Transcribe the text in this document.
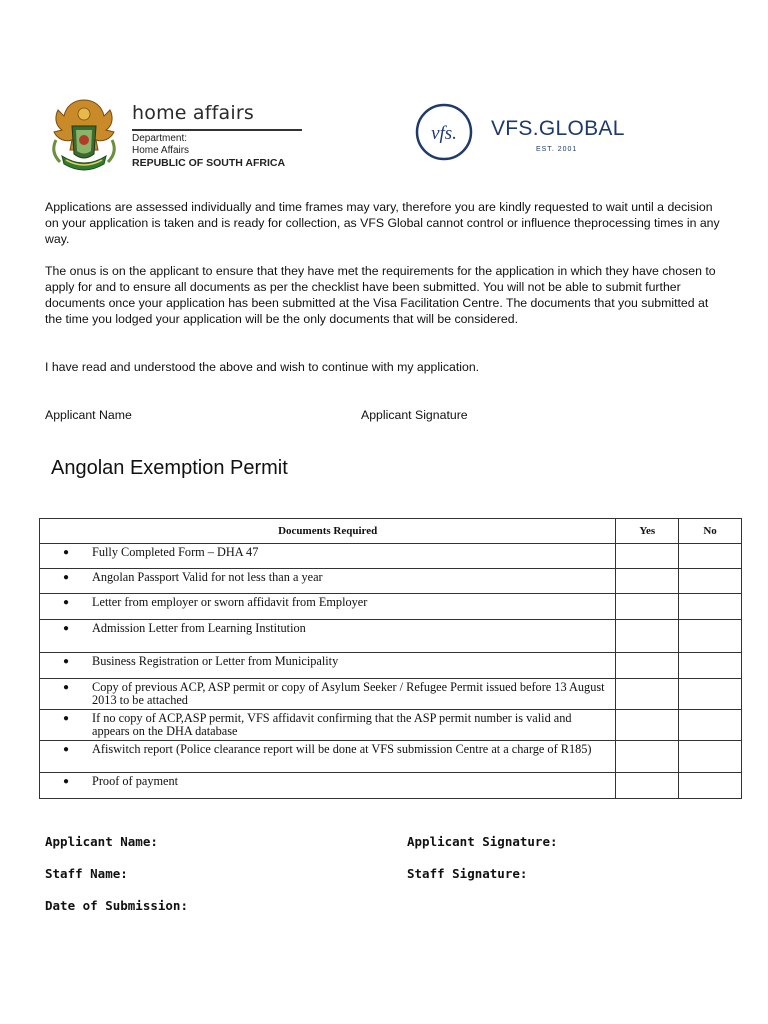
home affairs
Department:
Home Affairs
REPUBLIC OF SOUTH AFRICA
vfs. VFS.GLOBAL
EST. 2001
Applications are assessed individually and time frames may vary, therefore you are kindly requested to wait until a decision on your application is taken and is ready for collection, as VFS Global cannot control or influence theprocessing times in any way.
The onus is on the applicant to ensure that they have met the requirements for the application in which they have chosen to apply for and to ensure all documents as per the checklist have been submitted. You will not be able to submit further documents once your application has been submitted at the Visa Facilitation Centre. The documents that you submitted at the time you lodged your application will be the only documents that will be considered.
I have read and understood the above and wish to continue with my application.
Applicant Name	Applicant Signature
Angolan Exemption Permit
Documents Required	Yes	No

● Fully Completed Form – DHA 47		

● Angolan Passport Valid for not less than a year		

● Letter from employer or sworn affidavit from Employer		

● Admission Letter from Learning Institution		

● Business Registration or Letter from Municipality		

● Copy of previous ACP, ASP permit or copy of Asylum Seeker / Refugee Permit issued before 13 August 2013 to be attached		

● If no copy of ACP,ASP permit, VFS affidavit confirming that the ASP permit number is valid and appears on the DHA database		

● Afiswitch report (Police clearance report will be done at VFS submission Centre at a charge of R185)		

● Proof of payment		

Applicant Name:	Applicant Signature:
Staff Name:	Staff Signature:
Date of Submission:
